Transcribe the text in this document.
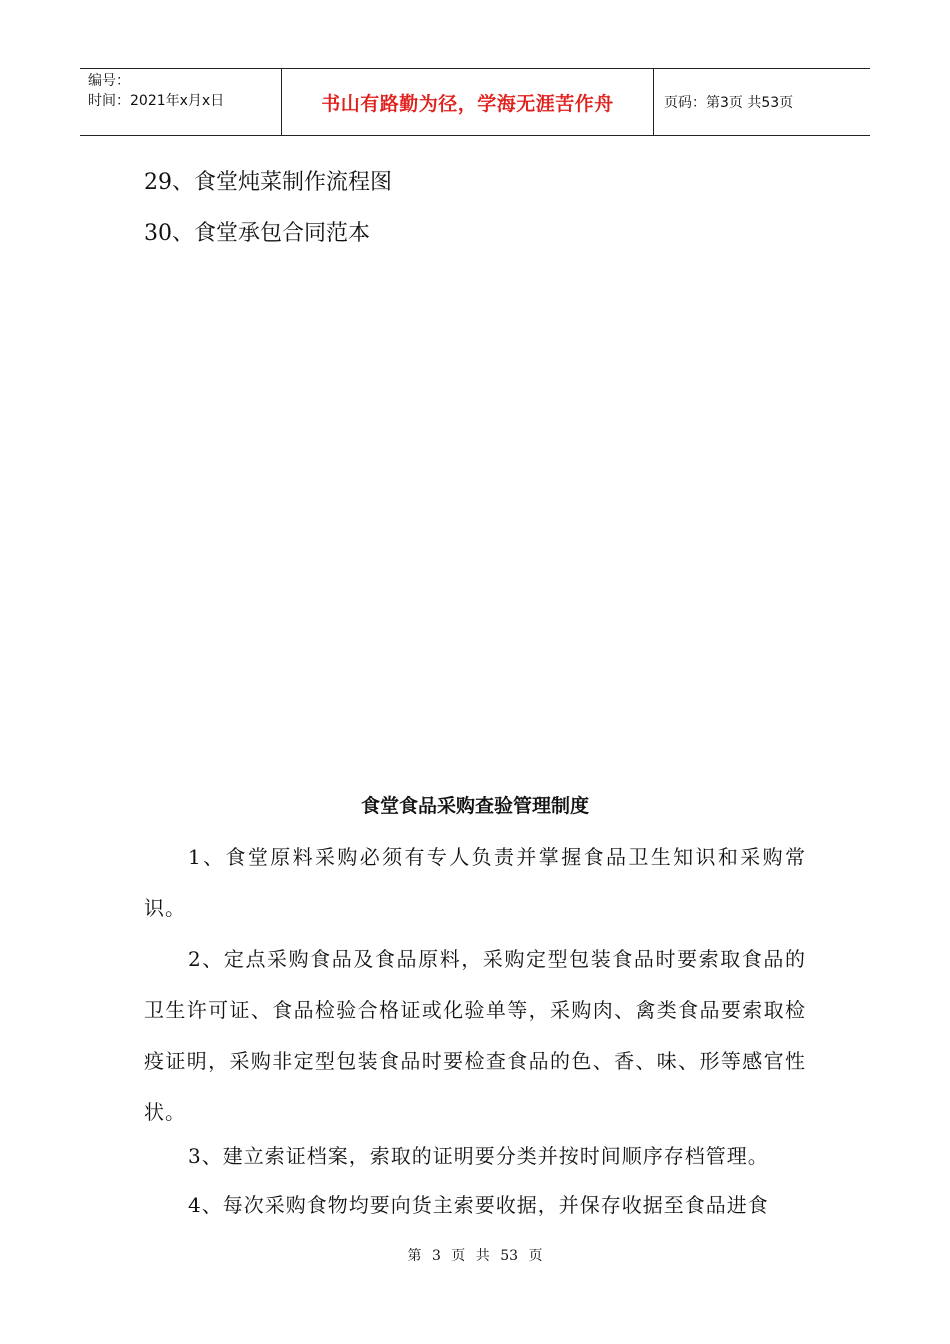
编号：
时间：2021年x月x日	书山有路勤为径，学海无涯苦作舟	页码：第3页 共53页
29、食堂炖菜制作流程图
30、食堂承包合同范本
食堂食品采购查验管理制度
1、食堂原料采购必须有专人负责并掌握食品卫生知识和采购常识。
2、定点采购食品及食品原料，采购定型包装食品时要索取食品的卫生许可证、食品检验合格证或化验单等，采购肉、禽类食品要索取检疫证明，采购非定型包装食品时要检查食品的色、香、味、形等感官性状。
3、建立索证档案，索取的证明要分类并按时间顺序存档管理。
4、每次采购食物均要向货主索要收据，并保存收据至食品进食
第 3 页 共 53 页
